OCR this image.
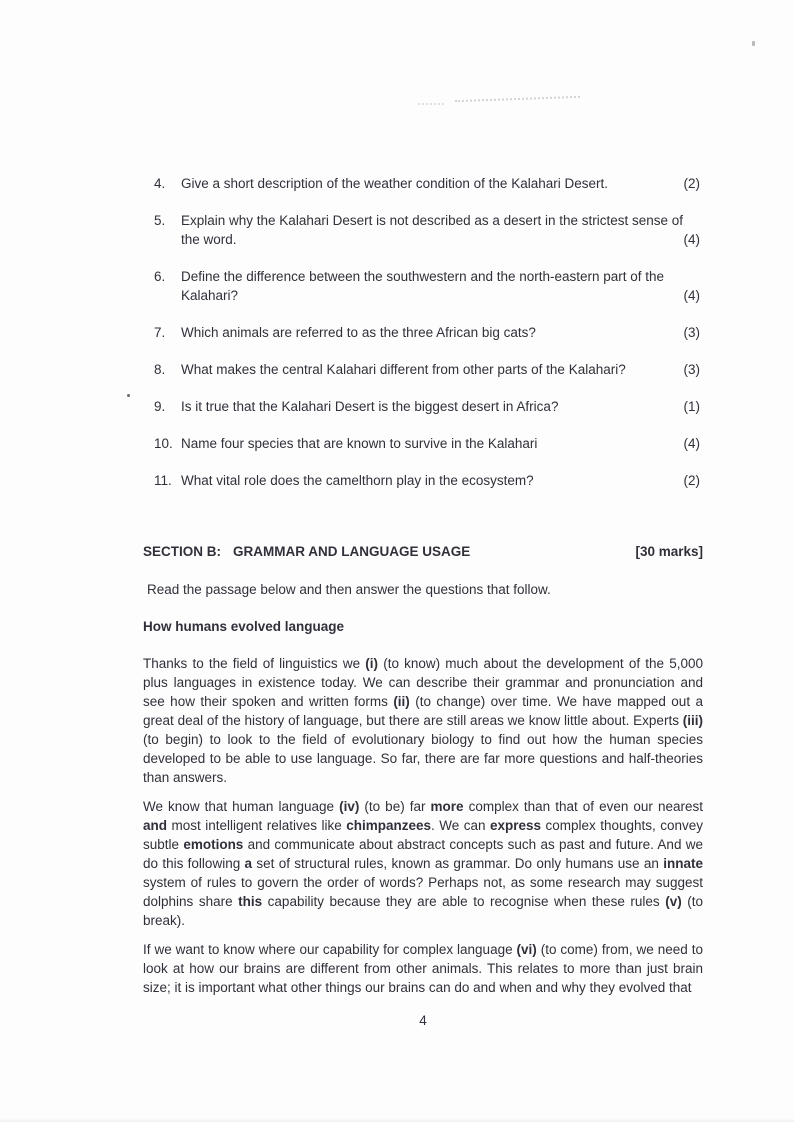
4.	Give a short description of the weather condition of the Kalahari Desert.	(2)
5.	Explain why the Kalahari Desert is not described as a desert in the strictest sense of the word.	(4)
6.	Define the difference between the southwestern and the north-eastern part of the Kalahari?	(4)
7.	Which animals are referred to as the three African big cats?	(3)
8.	What makes the central Kalahari different from other parts of the Kalahari?	(3)
9.	Is it true that the Kalahari Desert is the biggest desert in Africa?	(1)
10. Name four species that are known to survive in the Kalahari	(4)
11. What vital role does the camelthorn play in the ecosystem?	(2)
SECTION B: GRAMMAR AND LANGUAGE USAGE	[30 marks]

Read the passage below and then answer the questions that follow.

How humans evolved language

Thanks to the field of linguistics we (i) (to know) much about the development of the 5,000 plus languages in existence today. We can describe their grammar and pronunciation and see how their spoken and written forms (ii) (to change) over time. We have mapped out a great deal of the history of language, but there are still areas we know little about. Experts (iii) (to begin) to look to the field of evolutionary biology to find out how the human species developed to be able to use language. So far, there are far more questions and half-theories than answers.

We know that human language (iv) (to be) far more complex than that of even our nearest and most intelligent relatives like chimpanzees. We can express complex thoughts, convey subtle emotions and communicate about abstract concepts such as past and future. And we do this following a set of structural rules, known as grammar. Do only humans use an innate system of rules to govern the order of words? Perhaps not, as some research may suggest dolphins share this capability because they are able to recognise when these rules (v) (to break).

If we want to know where our capability for complex language (vi) (to come) from, we need to look at how our brains are different from other animals. This relates to more than just brain size; it is important what other things our brains can do and when and why they evolved that

4
